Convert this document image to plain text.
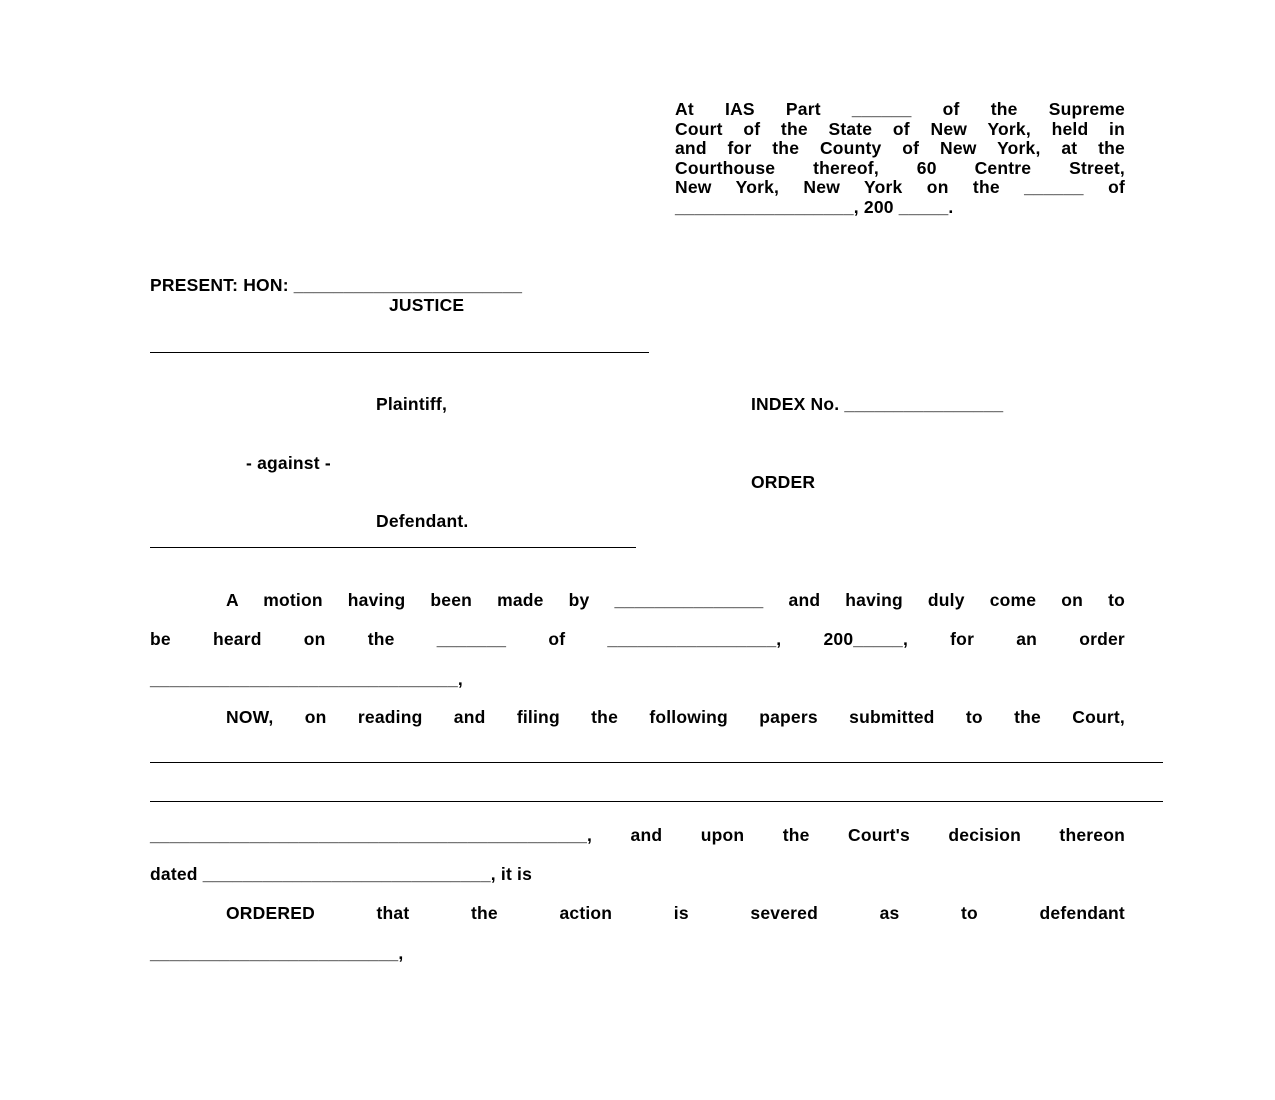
At IAS Part ______ of the Supreme
Court of the State of New York, held in
and for the County of New York, at the
Courthouse thereof, 60 Centre Street,
New York, New York on the ______ of
__________________, 200 _____.
PRESENT: HON: _______________________
JUSTICE
Plaintiff,
- against -
Defendant.
INDEX No. ________________
ORDER
A motion having been made by _______________ and having duly come on to
be heard on the _______ of _________________, 200_____, for an order
_______________________________,
NOW, on reading and filing the following papers submitted to the Court,
____________________________________________, and upon the Court's decision thereon
dated _____________________________, it is
ORDERED	that	the	action	is	severed	as	to	defendant
_________________________,
